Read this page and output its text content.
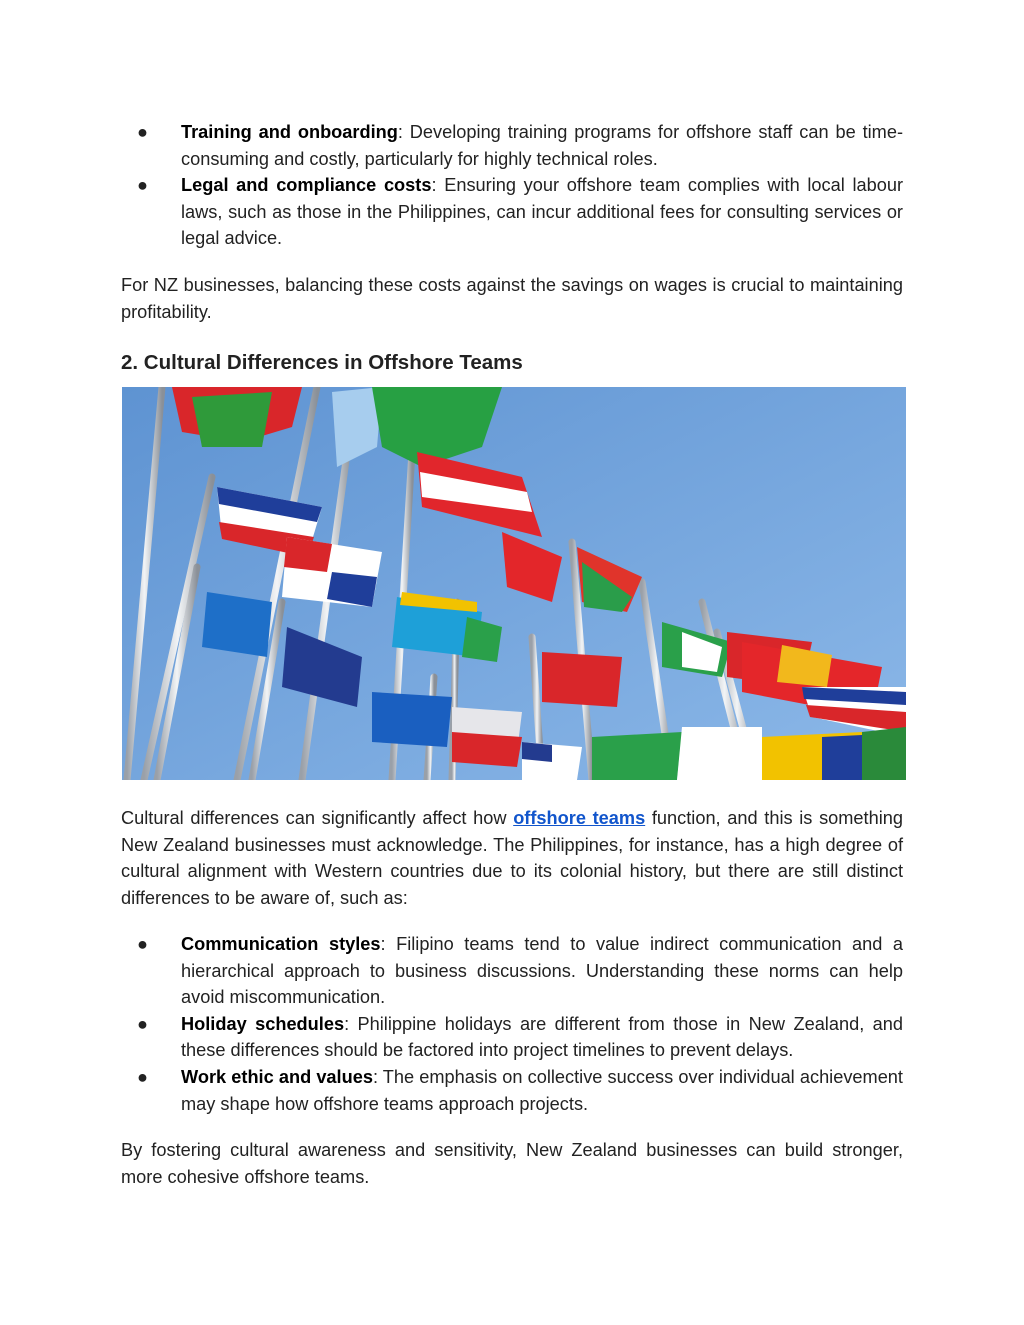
● Training and onboarding: Developing training programs for offshore staff can be time-consuming and costly, particularly for highly technical roles.
● Legal and compliance costs: Ensuring your offshore team complies with local labour laws, such as those in the Philippines, can incur additional fees for consulting services or legal advice.

For NZ businesses, balancing these costs against the savings on wages is crucial to maintaining profitability.

2. Cultural Differences in Offshore Teams

Cultural differences can significantly affect how offshore teams function, and this is something New Zealand businesses must acknowledge. The Philippines, for instance, has a high degree of cultural alignment with Western countries due to its colonial history, but there are still distinct differences to be aware of, such as:

● Communication styles: Filipino teams tend to value indirect communication and a hierarchical approach to business discussions. Understanding these norms can help avoid miscommunication.
● Holiday schedules: Philippine holidays are different from those in New Zealand, and these differences should be factored into project timelines to prevent delays.
● Work ethic and values: The emphasis on collective success over individual achievement may shape how offshore teams approach projects.

By fostering cultural awareness and sensitivity, New Zealand businesses can build stronger, more cohesive offshore teams.
